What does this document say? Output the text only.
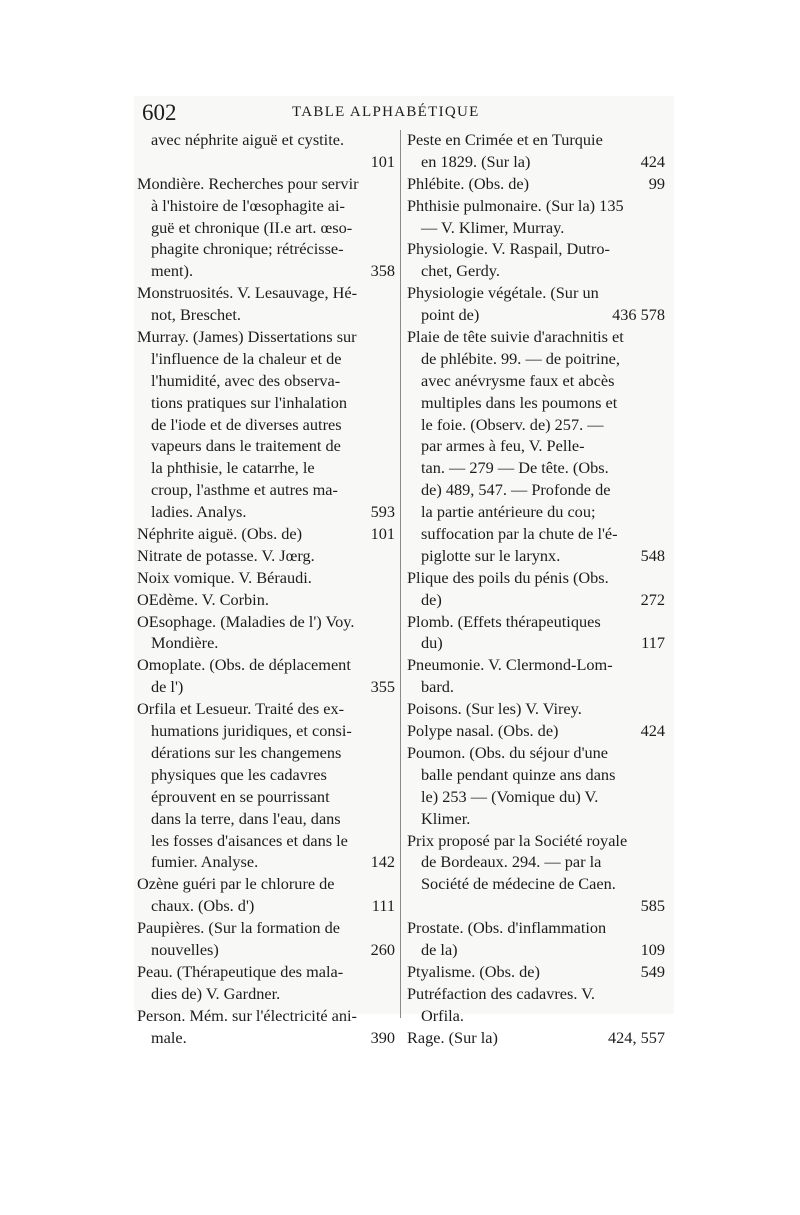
602	TABLE ALPHABÉTIQUE
avec néphrite aiguë et cystite.
101
Mondière. Recherches pour servir
à l'histoire de l'œsophagite ai-
guë et chronique (II.e art. œso-
phagite chronique; rétrécisse-
ment).	358
Monstruosités. V. Lesauvage, Hé-
not, Breschet.
Murray. (James) Dissertations sur
l'influence de la chaleur et de
l'humidité, avec des observa-
tions pratiques sur l'inhalation
de l'iode et de diverses autres
vapeurs dans le traitement de
la phthisie, le catarrhe, le
croup, l'asthme et autres ma-
ladies. Analys.	593
Néphrite aiguë. (Obs. de)	101
Nitrate de potasse. V. Jœrg.
Noix vomique. V. Béraudi.
OEdème. V. Corbin.
OEsophage. (Maladies de l') Voy.
Mondière.
Omoplate. (Obs. de déplacement
de l')	355
Orfila et Lesueur. Traité des ex-
humations juridiques, et consi-
dérations sur les changemens
physiques que les cadavres
éprouvent en se pourrissant
dans la terre, dans l'eau, dans
les fosses d'aisances et dans le
fumier. Analyse.	142
Ozène guéri par le chlorure de
chaux. (Obs. d')	111
Paupières. (Sur la formation de
nouvelles)	260
Peau. (Thérapeutique des mala-
dies de) V. Gardner.
Person. Mém. sur l'électricité ani-
male.	390
Peste en Crimée et en Turquie
en 1829. (Sur la)	424
Phlébite. (Obs. de)	99
Phthisie pulmonaire. (Sur la) 135
— V. Klimer, Murray.
Physiologie. V. Raspail, Dutro-
chet, Gerdy.
Physiologie végétale. (Sur un
point de)	436 578
Plaie de tête suivie d'arachnitis et
de phlébite. 99. — de poitrine,
avec anévrysme faux et abcès
multiples dans les poumons et
le foie. (Observ. de) 257. —
par armes à feu, V. Pelle-
tan. — 279 — De tête. (Obs.
de) 489, 547. — Profonde de
la partie antérieure du cou;
suffocation par la chute de l'é-
piglotte sur le larynx.	548
Plique des poils du pénis (Obs.
de)	272
Plomb. (Effets thérapeutiques
du)	117
Pneumonie. V. Clermond-Lom-
bard.
Poisons. (Sur les) V. Virey.
Polype nasal. (Obs. de)	424
Poumon. (Obs. du séjour d'une
balle pendant quinze ans dans
le) 253 — (Vomique du) V.
Klimer.
Prix proposé par la Société royale
de Bordeaux. 294. — par la
Société de médecine de Caen.
585
Prostate. (Obs. d'inflammation
de la)	109
Ptyalisme. (Obs. de)	549
Putréfaction des cadavres. V.
Orfila.
Rage. (Sur la)	424, 557
